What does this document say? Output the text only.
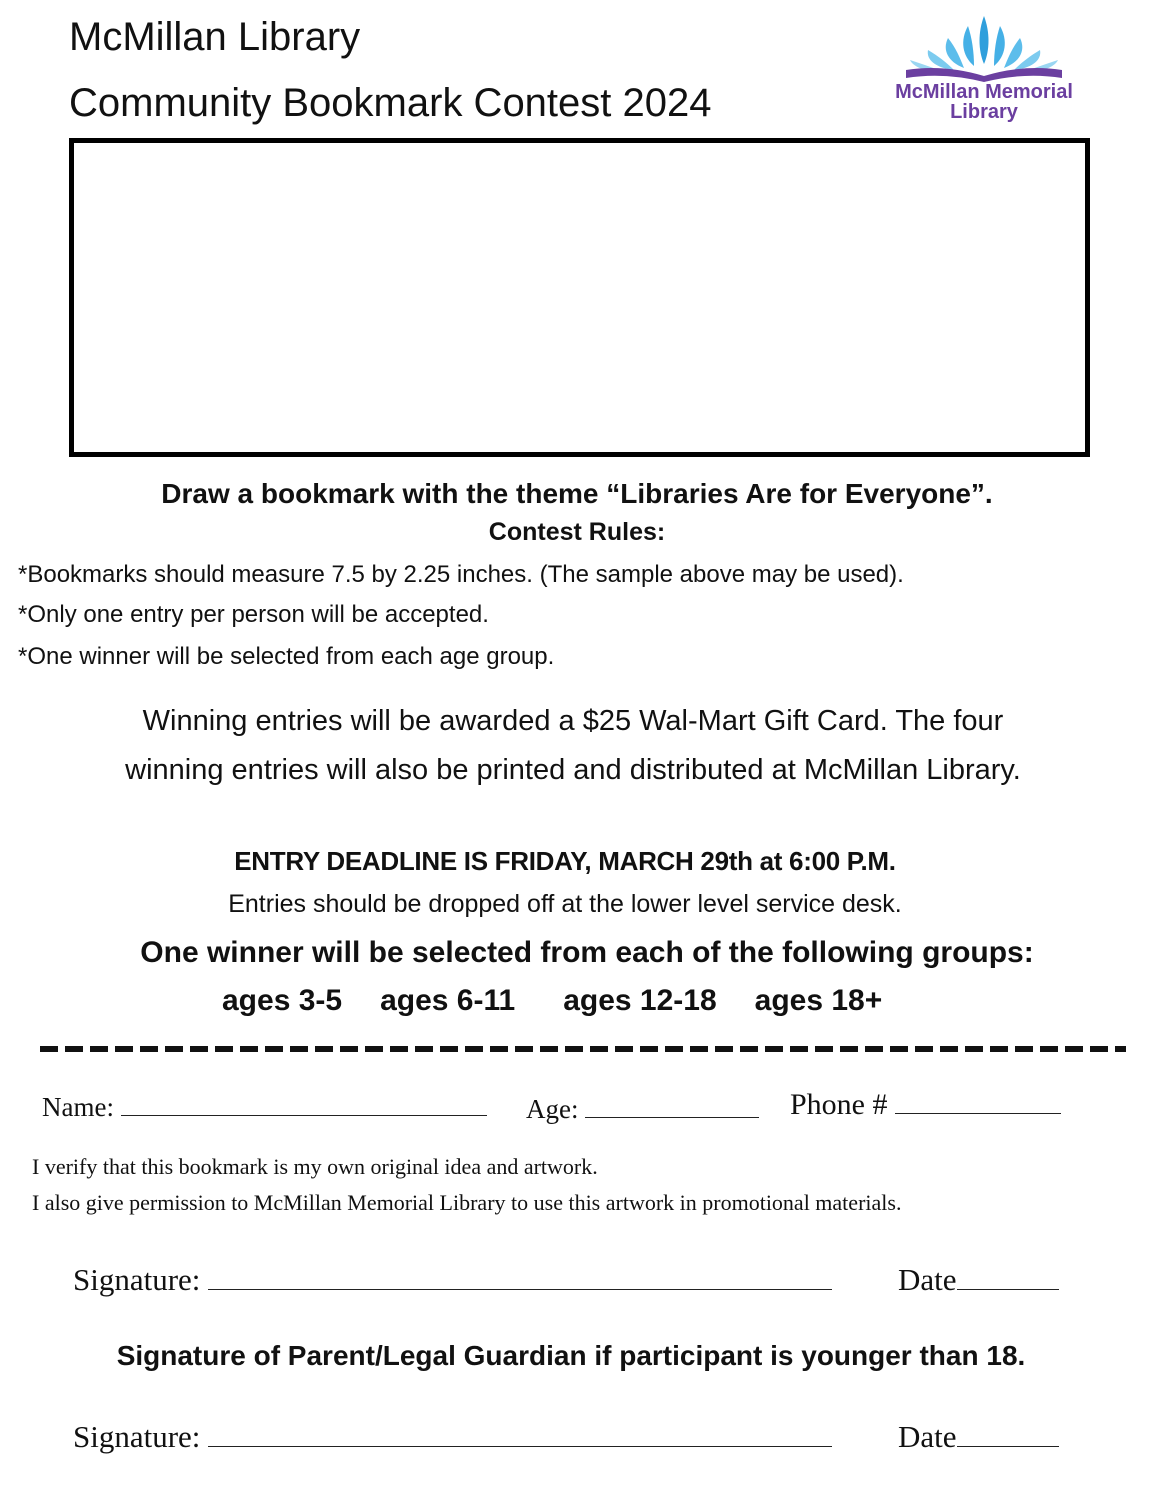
McMillan Library
Community Bookmark Contest 2024	McMillan Memorial
Library
Draw a bookmark with the theme “Libraries Are for Everyone”.
Contest Rules:
*Bookmarks should measure 7.5 by 2.25 inches. (The sample above may be used).
*Only one entry per person will be accepted.
*One winner will be selected from each age group.
Winning entries will be awarded a $25 Wal-Mart Gift Card. The four
winning entries will also be printed and distributed at McMillan Library.
ENTRY DEADLINE IS FRIDAY, MARCH 29th at 6:00 P.M.
Entries should be dropped off at the lower level service desk.
One winner will be selected from each of the following groups:
ages 3-5 ages 6-11 ages 12-18 ages 18+
Name:	Age:	Phone #
I verify that this bookmark is my own original idea and artwork.
I also give permission to McMillan Memorial Library to use this artwork in promotional materials.
Signature:	Date
Signature of Parent/Legal Guardian if participant is younger than 18.
Signature:	Date
